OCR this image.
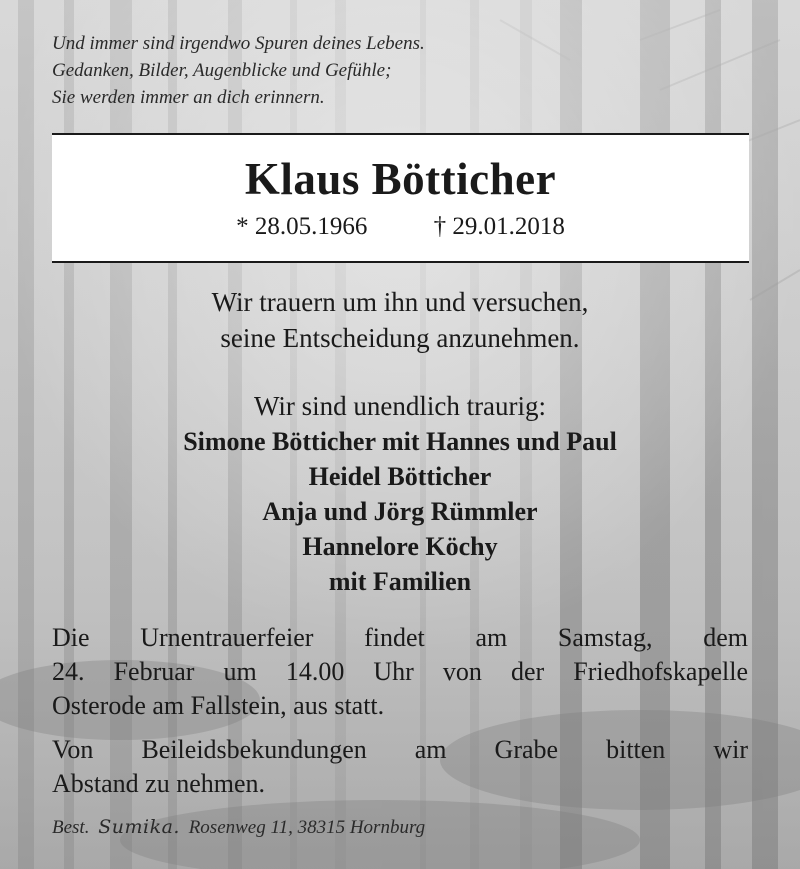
Und immer sind irgendwo Spuren deines Lebens.
Gedanken, Bilder, Augenblicke und Gefühle;
Sie werden immer an dich erinnern.
Klaus Bötticher
* 28.05.1966	† 29.01.2018
Wir trauern um ihn und versuchen,
seine Entscheidung anzunehmen.
Wir sind unendlich traurig:
Simone Bötticher mit Hannes und Paul
Heidel Bötticher
Anja und Jörg Rümmler
Hannelore Köchy
mit Familien
Die Urnentrauerfeier findet am Samstag, dem
24. Februar um 14.00 Uhr von der Friedhofskapelle
Osterode am Fallstein, aus statt.
Von Beileidsbekundungen am Grabe bitten wir
Abstand zu nehmen.
Best. Sumika. Rosenweg 11, 38315 Hornburg
